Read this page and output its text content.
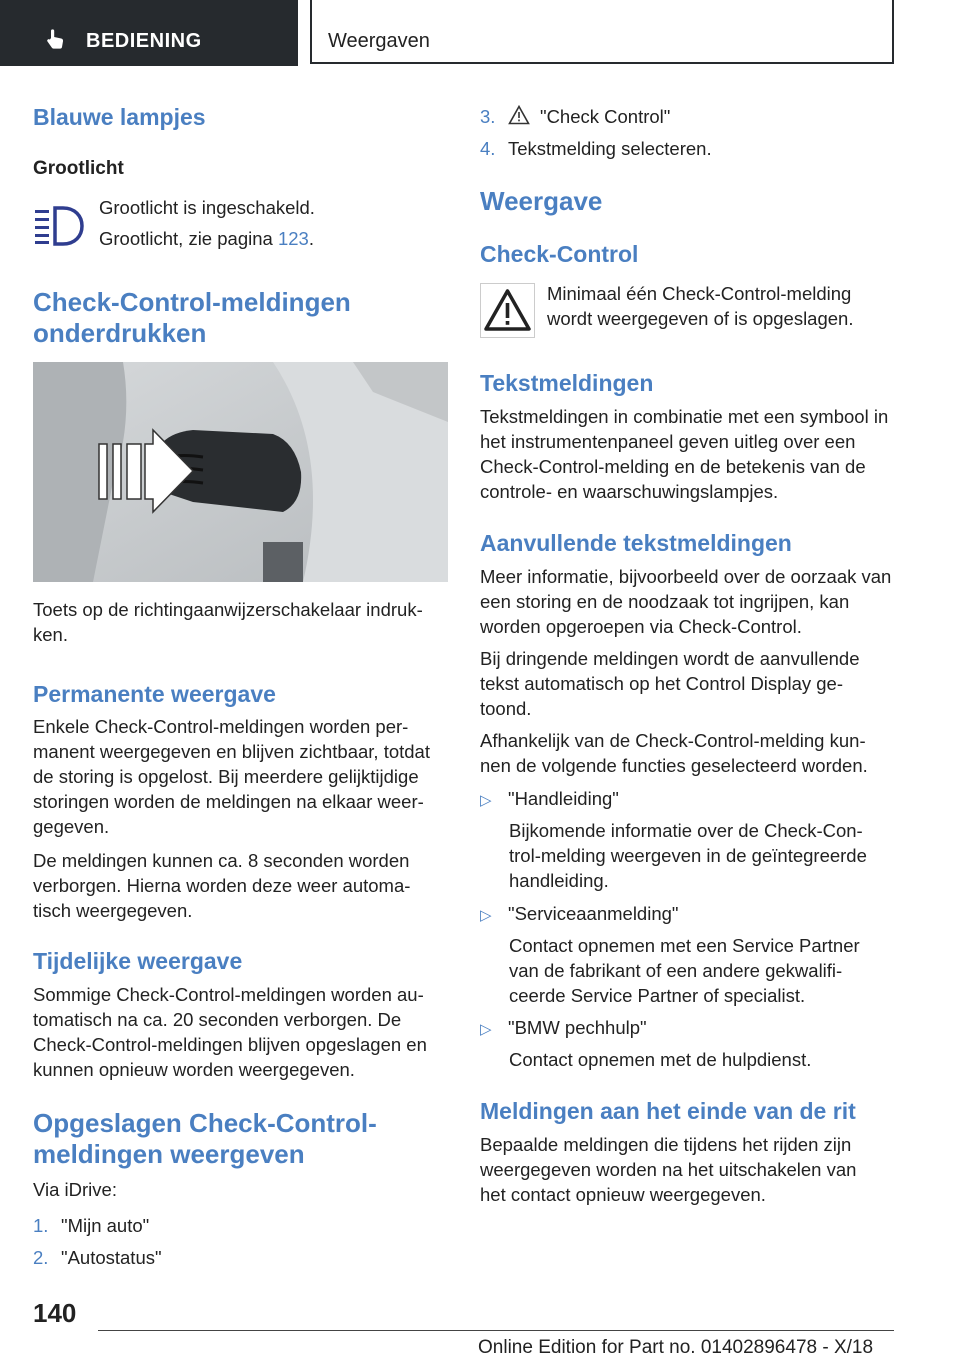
BEDIENING	Weergaven
Blauwe lampjes
Grootlicht

Grootlicht is ingeschakeld.

Grootlicht, zie pagina 123.

Check-Control-meldingen onderdrukken

Toets op de richtingaanwijzerschakelaar indruk-ken.

Permanente weergave

Enkele Check-Control-meldingen worden per-manent weergegeven en blijven zichtbaar, totdat de storing is opgelost. Bij meerdere gelijktijdige storingen worden de meldingen na elkaar weer-gegeven.

De meldingen kunnen ca. 8 seconden worden verborgen. Hierna worden deze weer automa-tisch weergegeven.

Tijdelijke weergave

Sommige Check-Control-meldingen worden au-tomatisch na ca. 20 seconden verborgen. De Check-Control-meldingen blijven opgeslagen en kunnen opnieuw worden weergegeven.

Opgeslagen Check-Control-meldingen weergeven

Via iDrive:

1. "Mijn auto"

2. "Autostatus"

3. "Check Control"

4. Tekstmelding selecteren.

Weergave
Check-Control

Minimaal één Check-Control-melding wordt weergegeven of is opgeslagen.

Tekstmeldingen

Tekstmeldingen in combinatie met een symbool in het instrumentenpaneel geven uitleg over een Check-Control-melding en de betekenis van de controle- en waarschuwingslampjes.

Aanvullende tekstmeldingen

Meer informatie, bijvoorbeeld over de oorzaak van een storing en de noodzaak tot ingrijpen, kan worden opgeroepen via Check-Control.

Bij dringende meldingen wordt de aanvullende tekst automatisch op het Control Display ge-toond.

Afhankelijk van de Check-Control-melding kun-nen de volgende functies geselecteerd worden.

▷ "Handleiding"

Bijkomende informatie over de Check-Con-trol-melding weergeven in de geïntegreerde handleiding.

▷ "Serviceaanmelding"

Contact opnemen met een Service Partner van de fabrikant of een andere gekwalifi-ceerde Service Partner of specialist.

▷ "BMW pechhulp"

Contact opnemen met de hulpdienst.

Meldingen aan het einde van de rit

Bepaalde meldingen die tijdens het rijden zijn weergegeven worden na het uitschakelen van het contact opnieuw weergegeven.

140
Online Edition for Part no. 01402896478 - X/18
